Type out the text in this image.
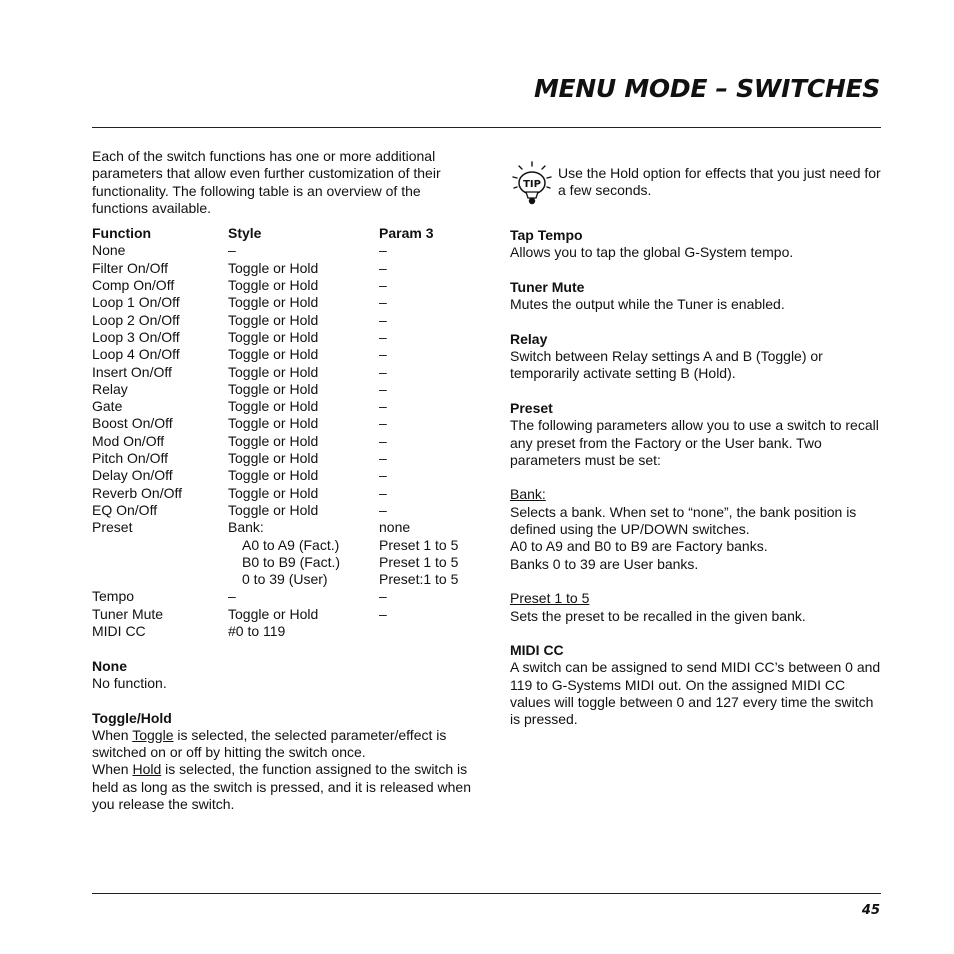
MENU MODE – SWITCHES

Each of the switch functions has one or more additional parameters that allow even further customization of their functionality. The following table is an overview of the functions available.

Function	Style	Param 3
None	–	–
Filter On/Off	Toggle or Hold	–
Comp On/Off	Toggle or Hold	–
Loop 1 On/Off	Toggle or Hold	–
Loop 2 On/Off	Toggle or Hold	–
Loop 3 On/Off	Toggle or Hold	–
Loop 4 On/Off	Toggle or Hold	–
Insert On/Off	Toggle or Hold	–
Relay	Toggle or Hold	–
Gate	Toggle or Hold	–
Boost On/Off	Toggle or Hold	–
Mod On/Off	Toggle or Hold	–
Pitch On/Off	Toggle or Hold	–
Delay On/Off	Toggle or Hold	–
Reverb On/Off	Toggle or Hold	–
EQ On/Off	Toggle or Hold	–
Preset	Bank:	none
	A0 to A9 (Fact.)	Preset 1 to 5
	B0 to B9 (Fact.)	Preset 1 to 5
	0 to 39 (User)	Preset:1 to 5
Tempo	–	–
Tuner Mute	Toggle or Hold	–
MIDI CC	#0 to 119	

None

No function.

Toggle/Hold

When Toggle is selected, the selected parameter/effect is switched on or off by hitting the switch once.

When Hold is selected, the function assigned to the switch is held as long as the switch is pressed, and it is released when you release the switch.

TIP

Use the Hold option for effects that you just need for a few seconds.

Tap Tempo

Allows you to tap the global G-System tempo.

Tuner Mute

Mutes the output while the Tuner is enabled.

Relay

Switch between Relay settings A and B (Toggle) or temporarily activate setting B (Hold).

Preset

The following parameters allow you to use a switch to recall any preset from the Factory or the User bank. Two parameters must be set:

Bank:

Selects a bank. When set to “none”, the bank position is defined using the UP/DOWN switches.

A0 to A9 and B0 to B9 are Factory banks.

Banks 0 to 39 are User banks.

Preset 1 to 5

Sets the preset to be recalled in the given bank.

MIDI CC

A switch can be assigned to send MIDI CC’s between 0 and 119 to G-Systems MIDI out. On the assigned MIDI CC values will toggle between 0 and 127 every time the switch is pressed.

45
